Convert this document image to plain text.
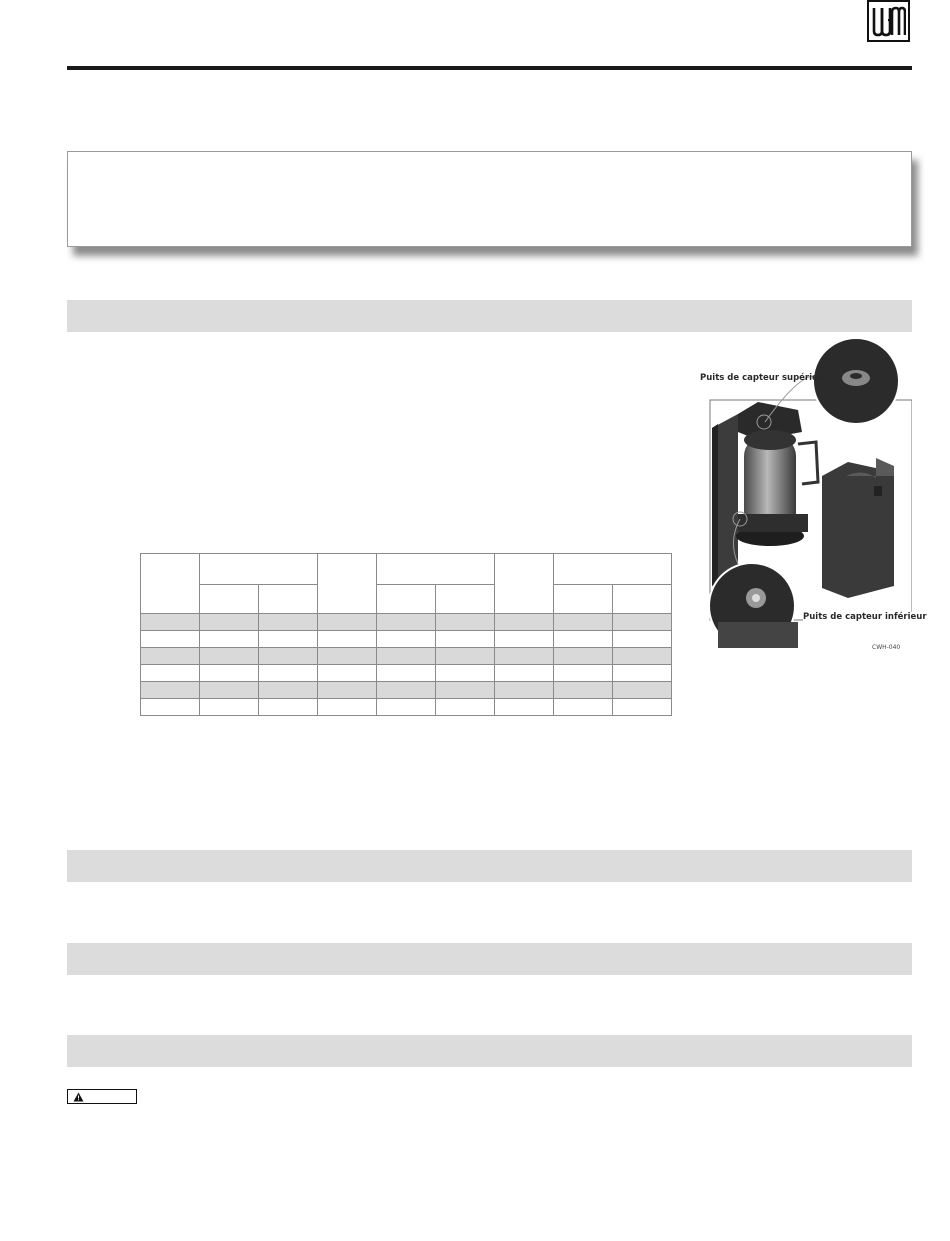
Puits de capteur supérieur
Puits de capteur inférieur
CWH-040
